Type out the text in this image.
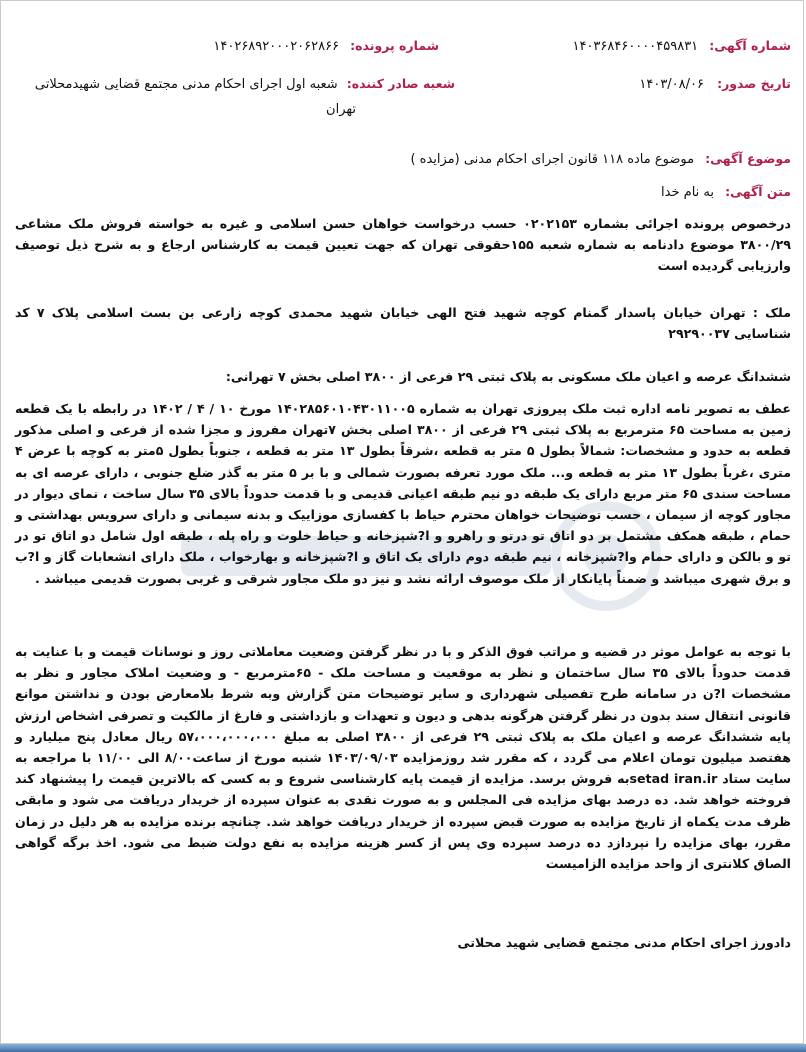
شماره آگهی: ۱۴۰۳۶۸۴۶۰۰۰۰۴۵۹۸۳۱
شماره پرونده: ۱۴۰۲۶۸۹۲۰۰۰۲۰۶۲۸۶۶
تاریخ صدور: ۱۴۰۳/۰۸/۰۶
شعبه صادر کننده: شعبه اول اجرای احکام مدنی مجتمع قضایی شهیدمحلاتی
تهران
موضوع آگهی: موضوع ماده ۱۱۸ قانون اجرای احکام مدنی (مزایده )
متن آگهی: به نام خدا
درخصوص پرونده اجرائی بشماره ۰۲۰۲۱۵۳ حسب درخواست خواهان حسن اسلامی و غیره به خواسته فروش ملک مشاعی ۳۸۰۰/۲۹ موضوع دادنامه به شماره شعبه ۱۵۵حقوقی تهران که جهت تعیین قیمت به کارشناس ارجاع و به شرح ذیل توصیف وارزیابی گردیده است
ملک : تهران خیابان پاسدار گمنام کوچه شهید فتح الهی خیابان شهید محمدی کوچه زارعی بن بست اسلامی پلاک ۷ کد شناسایی ۲۹۲۹۰۰۳۷
ششدانگ عرصه و اعیان ملک مسکونی به پلاک ثبتی ۲۹ فرعی از ۳۸۰۰ اصلی بخش ۷ تهرانی:
عطف به تصویر نامه اداره ثبت ملک پیروزی تهران به شماره ۱۴۰۲۸۵۶۰۱۰۴۳۰۱۱۰۰۵ مورخ ۱۰ / ۴ / ۱۴۰۲ در رابطه با یک قطعه زمین به مساحت ۶۵ مترمربع به پلاک ثبتی ۲۹ فرعی از ۳۸۰۰ اصلی بخش ۷تهران مفروز و مجزا شده از فرعی و اصلی مذکور قطعه به حدود و مشخصات: شمالاً بطول ۵ متر به قطعه ،شرقاً بطول ۱۳ متر به قطعه ، جنوباً بطول ۵متر به کوچه با عرض ۴ متری ،غرباً بطول ۱۳ متر به قطعه و... ملک مورد تعرفه بصورت شمالی و با بر ۵ متر به گذر ضلع جنوبی ، دارای عرصه ای به مساحت سندی ۶۵ متر مربع دارای یک طبقه دو نیم طبقه اعیانی قدیمی و با قدمت حدوداً بالای ۳۵ سال ساخت ، نمای دیوار در مجاور کوچه از سیمان ، حسب توضیحات خواهان محترم حیاط با کفسازی موزاییک و بدنه سیمانی و دارای سرویس بهداشتی و حمام ، طبقه همکف مشتمل بر دو اتاق تو درتو و راهرو و ا?شپزخانه و حیاط خلوت و راه پله ، طبقه اول شامل دو اتاق تو در تو و بالکن و دارای حمام وا?شپزخانه ، نیم طبقه دوم دارای یک اتاق و ا?شپزخانه و بهارخواب ، ملک دارای انشعابات گاز و ا?ب و برق شهری میباشد و ضمناً پایانکار از ملک موصوف ارائه نشد و نیز دو ملک مجاور شرقی و غربی بصورت قدیمی میباشد .
با توجه به عوامل موثر در قضیه و مراتب فوق الذکر و با در نظر گرفتن وضعیت معاملاتی روز و نوسانات قیمت و با عنایت به قدمت حدوداً بالای ۳۵ سال ساختمان و نظر به موقعیت و مساحت ملک - ۶۵مترمربع - و وضعیت املاک مجاور و نظر به مشخصات ا?ن در سامانه طرح تفصیلی شهرداری و سایر توضیحات متن گزارش وبه شرط بلامعارض بودن و نداشتن موانع قانونی انتقال سند بدون در نظر گرفتن هرگونه بدهی و دیون و تعهدات و بازداشتی و فارغ از مالکیت و تصرفی اشخاص ارزش پایه ششدانگ عرصه و اعیان ملک به پلاک ثبتی ۲۹ فرعی از ۳۸۰۰ اصلی به مبلغ ۵۷،۰۰۰،۰۰۰،۰۰۰ ریال معادل پنج میلیارد و هفتصد میلیون تومان اعلام می گردد ، که مقرر شد روزمزایده ۱۴۰۳/۰۹/۰۳ شنبه مورخ از ساعت۸/۰۰ الی ۱۱/۰۰ با مراجعه به سایت ستاد setad iran.irبه فروش برسد. مزایده از قیمت پایه کارشناسی شروع و به کسی که بالاترین قیمت را پیشنهاد کند فروخته خواهد شد. ده درصد بهای مزایده فی المجلس و به صورت نقدی به عنوان سپرده از خریدار دریافت می شود و مابقی ظرف مدت یکماه از تاریخ مزایده به صورت قبض سپرده از خریدار دریافت خواهد شد. چنانچه برنده مزایده به هر دلیل در زمان مقرر، بهای مزایده را نپردازد ده درصد سپرده وی پس از کسر هزینه مزایده به نفع دولت ضبط می شود. اخذ برگه گواهی الصاق کلانتری از واحد مزایده الزامیست
دادورز اجرای احکام مدنی مجتمع قضایی شهید محلاتی
